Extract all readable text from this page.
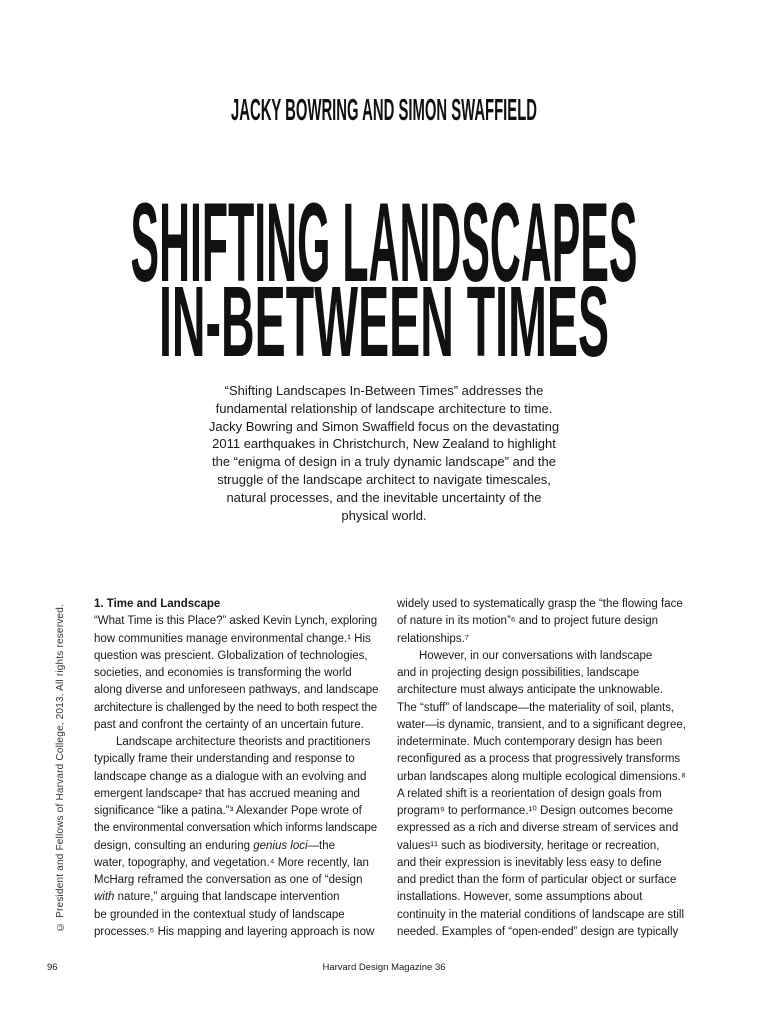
JACKY BOWRING AND SIMON SWAFFIELD
SHIFTING LANDSCAPES
IN-BETWEEN TIMES
“Shifting Landscapes In-Between Times” addresses the
fundamental relationship of landscape architecture to time.
Jacky Bowring and Simon Swaffield focus on the devastating
2011 earthquakes in Christchurch, New Zealand to highlight
the “enigma of design in a truly dynamic landscape” and the
struggle of the landscape architect to navigate timescales,
natural processes, and the inevitable uncertainty of the
physical world.
1. Time and Landscape
“What Time is this Place?” asked Kevin Lynch, exploring
how communities manage environmental change.¹ His
question was prescient. Globalization of technologies,
societies, and economies is transforming the world
along diverse and unforeseen pathways, and landscape
architecture is challenged by the need to both respect the
past and confront the certainty of an uncertain future.
Landscape architecture theorists and practitioners
typically frame their understanding and response to
landscape change as a dialogue with an evolving and
emergent landscape² that has accrued meaning and
significance “like a patina.”³ Alexander Pope wrote of
the environmental conversation which informs landscape
design, consulting an enduring genius loci—the
water, topography, and vegetation.⁴ More recently, Ian
McHarg reframed the conversation as one of “design
with nature,” arguing that landscape intervention
be grounded in the contextual study of landscape
processes.⁵ His mapping and layering approach is now
widely used to systematically grasp the “the flowing face
of nature in its motion”⁶ and to project future design
relationships.⁷
However, in our conversations with landscape
and in projecting design possibilities, landscape
architecture must always anticipate the unknowable.
The “stuff” of landscape—the materiality of soil, plants,
water—is dynamic, transient, and to a significant degree,
indeterminate. Much contemporary design has been
reconfigured as a process that progressively transforms
urban landscapes along multiple ecological dimensions.⁸
A related shift is a reorientation of design goals from
program⁹ to performance.¹⁰ Design outcomes become
expressed as a rich and diverse stream of services and
values¹¹ such as biodiversity, heritage or recreation,
and their expression is inevitably less easy to define
and predict than the form of particular object or surface
installations. However, some assumptions about
continuity in the material conditions of landscape are still
needed. Examples of “open-ended” design are typically
© President and Fellows of Harvard College, 2013. All rights reserved.
96	Harvard Design Magazine 36
